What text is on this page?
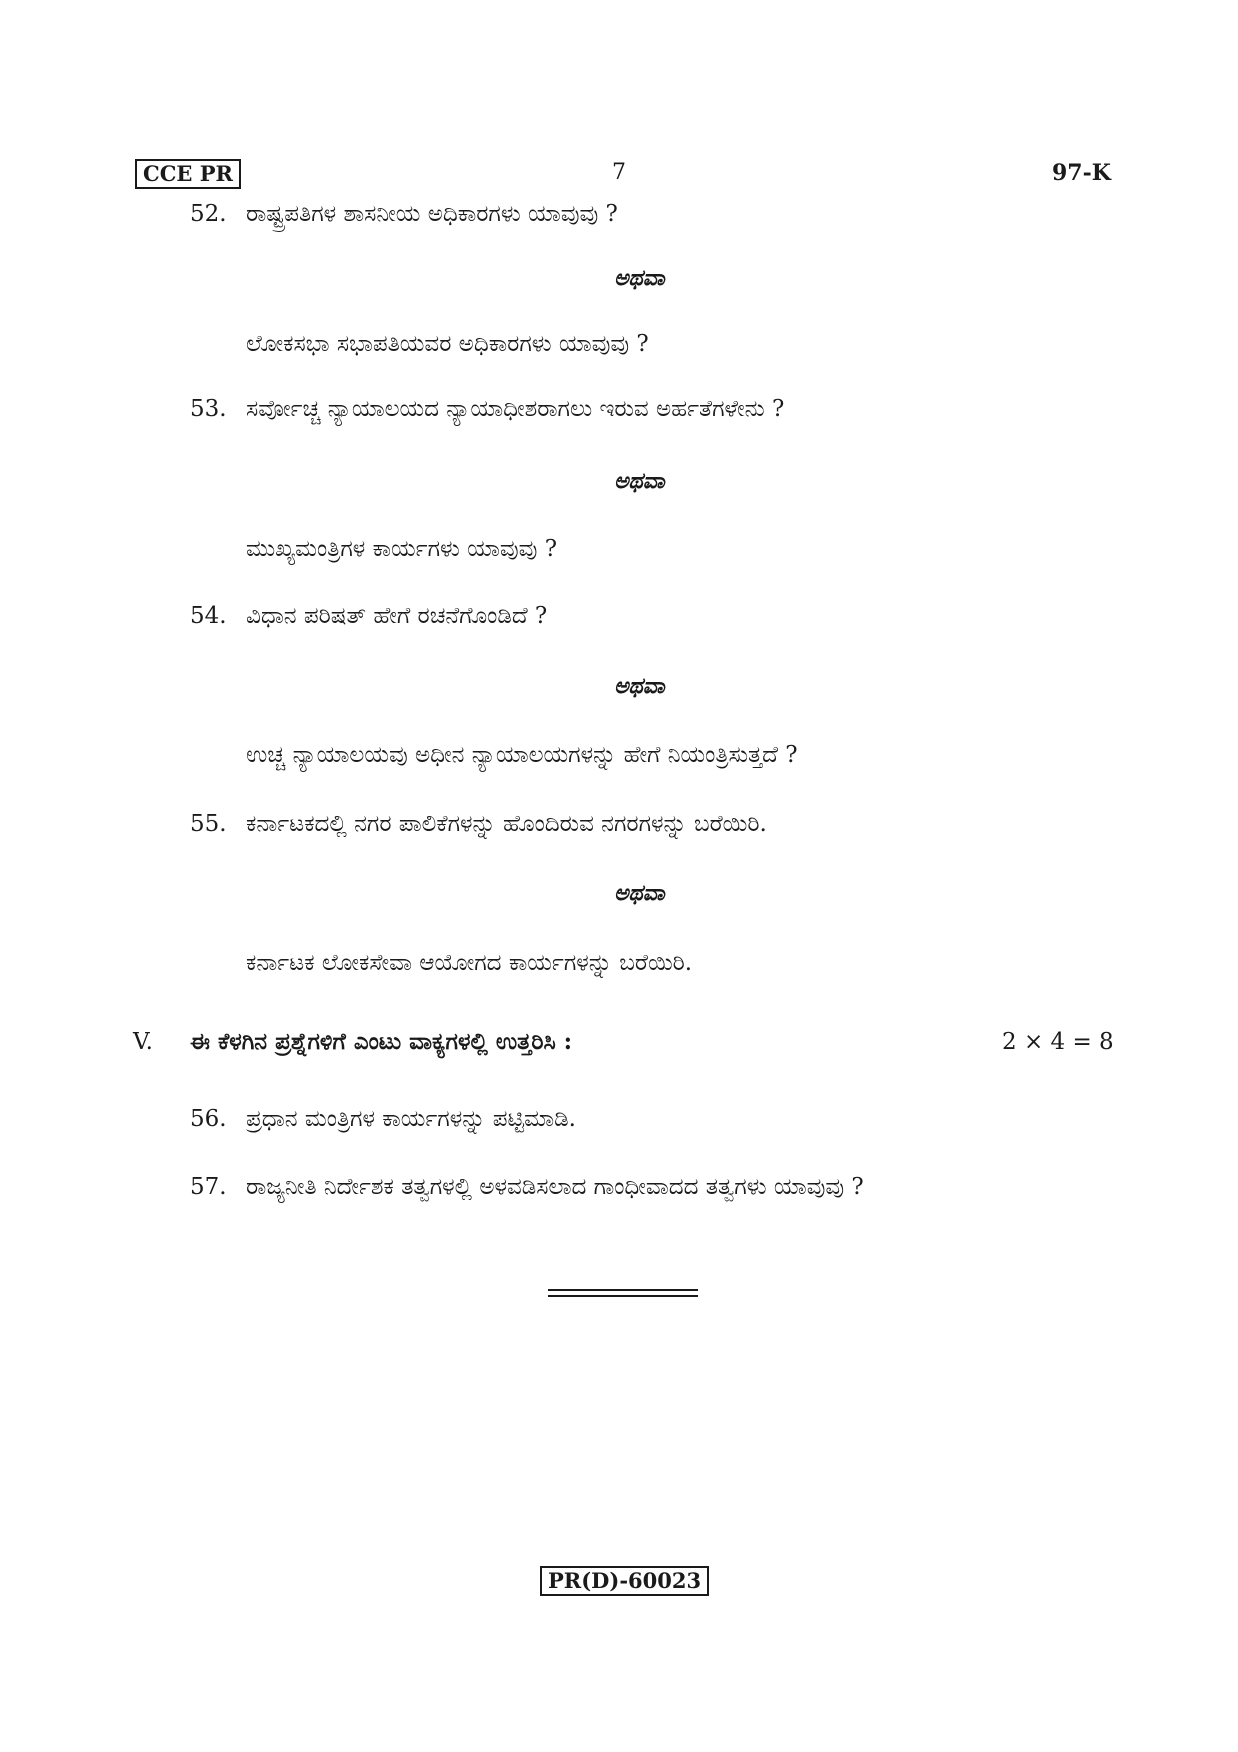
CCE PR	7	97-K
52. ರಾಷ್ಟ್ರಪತಿಗಳ ಶಾಸನೀಯ ಅಧಿಕಾರಗಳು ಯಾವುವು ?
ಅಥವಾ
ಲೋಕಸಭಾ ಸಭಾಪತಿಯವರ ಅಧಿಕಾರಗಳು ಯಾವುವು ?
53. ಸರ್ವೋಚ್ಚ ನ್ಯಾಯಾಲಯದ ನ್ಯಾಯಾಧೀಶರಾಗಲು ಇರುವ ಅರ್ಹತೆಗಳೇನು ?
ಅಥವಾ
ಮುಖ್ಯಮಂತ್ರಿಗಳ ಕಾರ್ಯಗಳು ಯಾವುವು ?
54. ವಿಧಾನ ಪರಿಷತ್ ಹೇಗೆ ರಚನೆಗೊಂಡಿದೆ ?
ಅಥವಾ
ಉಚ್ಚ ನ್ಯಾಯಾಲಯವು ಅಧೀನ ನ್ಯಾಯಾಲಯಗಳನ್ನು ಹೇಗೆ ನಿಯಂತ್ರಿಸುತ್ತದೆ ?
55. ಕರ್ನಾಟಕದಲ್ಲಿ ನಗರ ಪಾಲಿಕೆಗಳನ್ನು ಹೊಂದಿರುವ ನಗರಗಳನ್ನು ಬರೆಯಿರಿ.
ಅಥವಾ
ಕರ್ನಾಟಕ ಲೋಕಸೇವಾ ಆಯೋಗದ ಕಾರ್ಯಗಳನ್ನು ಬರೆಯಿರಿ.
V. ಈ ಕೆಳಗಿನ ಪ್ರಶ್ನೆಗಳಿಗೆ ಎಂಟು ವಾಕ್ಯಗಳಲ್ಲಿ ಉತ್ತರಿಸಿ :	2 × 4 = 8
56. ಪ್ರಧಾನ ಮಂತ್ರಿಗಳ ಕಾರ್ಯಗಳನ್ನು ಪಟ್ಟಿಮಾಡಿ.
57. ರಾಜ್ಯನೀತಿ ನಿರ್ದೇಶಕ ತತ್ವಗಳಲ್ಲಿ ಅಳವಡಿಸಲಾದ ಗಾಂಧೀವಾದದ ತತ್ವಗಳು ಯಾವುವು ?
PR(D)-60023
